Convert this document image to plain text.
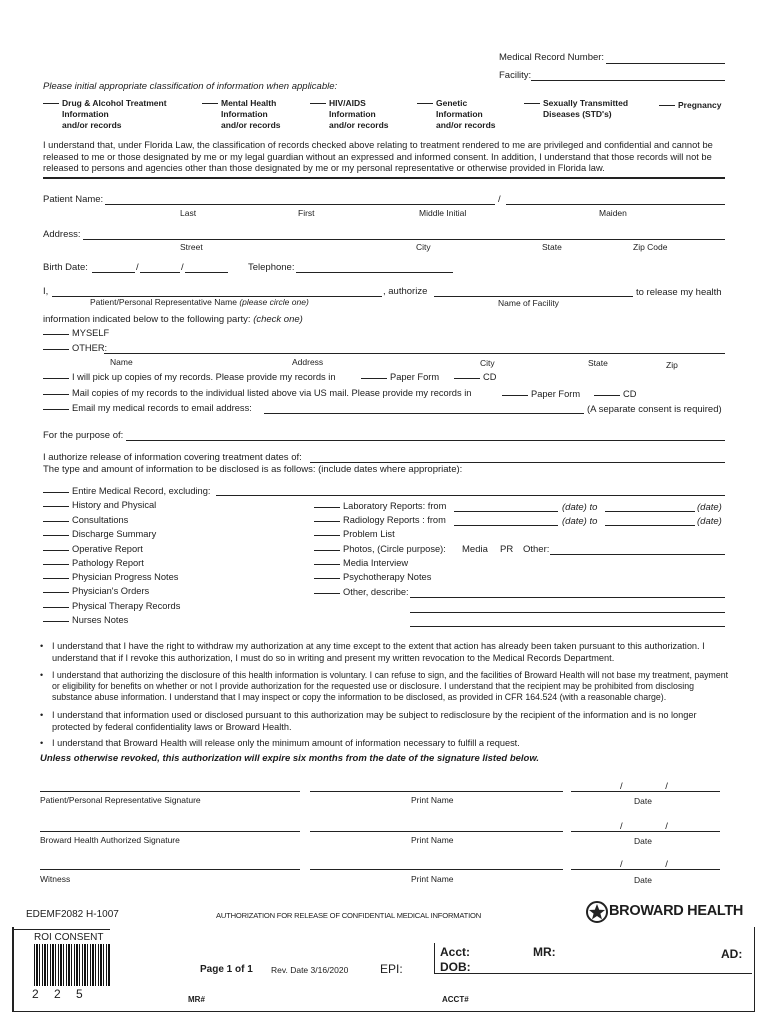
Medical Record Number:
Facility:
Please initial appropriate classification of information when applicable:
Drug & Alcohol Treatment
Information
and/or records
Mental Health
Information
and/or records
HIV/AIDS
Information
and/or records
Genetic
Information
and/or records
Sexually Transmitted
Diseases (STD's)
Pregnancy
I understand that, under Florida Law, the classification of records checked above relating to treatment rendered to me are privileged and confidential and cannot be released to me or those designated by me or my legal guardian without an expressed and informed consent. In addition, I understand that those records will not be released to persons and agencies other than those designated by me or my personal representative or otherwise provided in Florida law.
Patient Name:	/
Last	First	Middle Initial	Maiden
Address:
Street	City	State	Zip Code
Birth Date:	/	/	Telephone:
I,	, authorize	to release my health
Patient/Personal Representative Name (please circle one)	Name of Facility
information indicated below to the following party: (check one)
MYSELF
OTHER:
Name	Address	City	State	Zip
I will pick up copies of my records. Please provide my records in	Paper Form	CD
Mail copies of my records to the individual listed above via US mail. Please provide my records in	Paper Form	CD
Email my medical records to email address:	(A separate consent is required)
For the purpose of:
I authorize release of information covering treatment dates of:
The type and amount of information to be disclosed is as follows: (include dates where appropriate):
Entire Medical Record, excluding:
History and Physical
Consultations
Discharge Summary
Operative Report
Pathology Report
Physician Progress Notes
Physician's Orders
Physical Therapy Records
Nurses Notes
Laboratory Reports: from	(date) to	(date)
Radiology Reports : from	(date) to	(date)
Problem List
Photos, (Circle purpose): Media PR Other:
Media Interview
Psychotherapy Notes
Other, describe:
• I understand that I have the right to withdraw my authorization at any time except to the extent that action has already been taken pursuant to this authorization. I understand that if I revoke this authorization, I must do so in writing and present my written revocation to the Medical Records Department.
• I understand that authorizing the disclosure of this health information is voluntary. I can refuse to sign, and the facilities of Broward Health will not base my treatment, payment or eligibility for benefits on whether or not I provide authorization for the requested use or disclosure. I understand that the recipient may be prohibited from disclosing substance abuse information. I understand that I may inspect or copy the information to be disclosed, as provided in CFR 164.524 (with a reasonable charge).
• I understand that information used or disclosed pursuant to this authorization may be subject to redisclosure by the recipient of the information and is no longer protected by federal confidentiality laws or Broward Health.
• I understand that Broward Health will release only the minimum amount of information necessary to fulfill a request.
Unless otherwise revoked, this authorization will expire six months from the date of the signature listed below.
/ /
Patient/Personal Representative Signature	Print Name	Date
/ /
Broward Health Authorized Signature	Print Name	Date
/ /
Witness	Print Name	Date
EDEMF2082 H-1007	AUTHORIZATION FOR RELEASE OF CONFIDENTIAL MEDICAL INFORMATION	BROWARD HEALTH
ROI CONSENT
2 2 5
Page 1 of 1 Rev. Date 3/16/2020	EPI:
Acct:
DOB:
MR:	AD:
MR#	ACCT#
